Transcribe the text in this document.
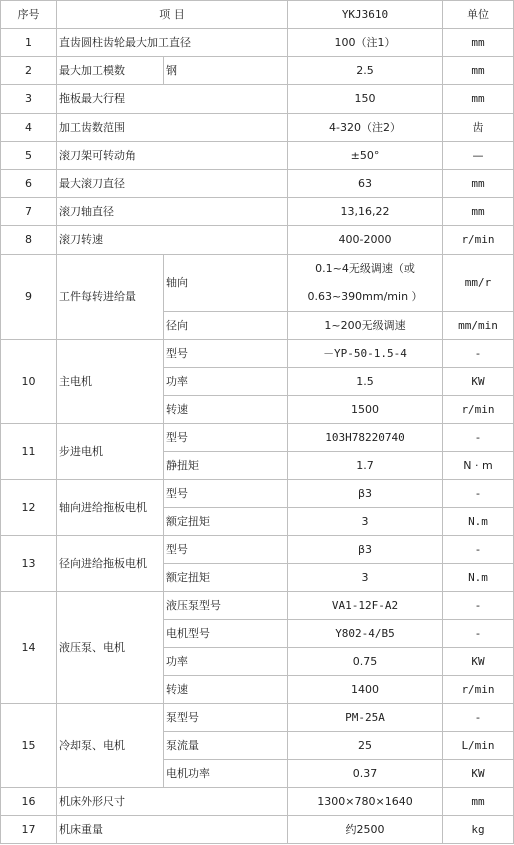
序号	项 目		YKJ3610	单位
1	直齿圆柱齿轮最大加工直径		100（注1）	mm
2	最大加工模数	钢	2.5	mm
3	拖板最大行程		150	mm
4	加工齿数范围		4-320（注2）	齿
5	滚刀架可转动角		±50°	—
6	最大滚刀直径		63	mm
7	滚刀轴直径		13,16,22	mm
8	滚刀转速		400-2000	r/min
9	工件每转进给量	轴向	0.1~4无级调速（或 0.63~390mm/min ）	mm/r
		径向	1~200无级调速	mm/min
10	主电机	型号	－YP-50-1.5-4	-
		功率	1.5	KW
		转速	1500	r/min
11	步进电机	型号	103H78220740	-
		静扭矩	1.7	N · m
12	轴向进给拖板电机	型号	β3	-
		额定扭矩	3	N.m
13	径向进给拖板电机	型号	β3	-
		额定扭矩	3	N.m
14	液压泵、电机	液压泵型号	VA1-12F-A2	-
		电机型号	Y802-4/B5	-
		功率	0.75	KW
		转速	1400	r/min
15	冷却泵、电机	泵型号	PM-25A	-
		泵流量	25	L/min
		电机功率	0.37	KW
16	机床外形尺寸		1300×780×1640	mm
17	机床重量		约2500	kg
